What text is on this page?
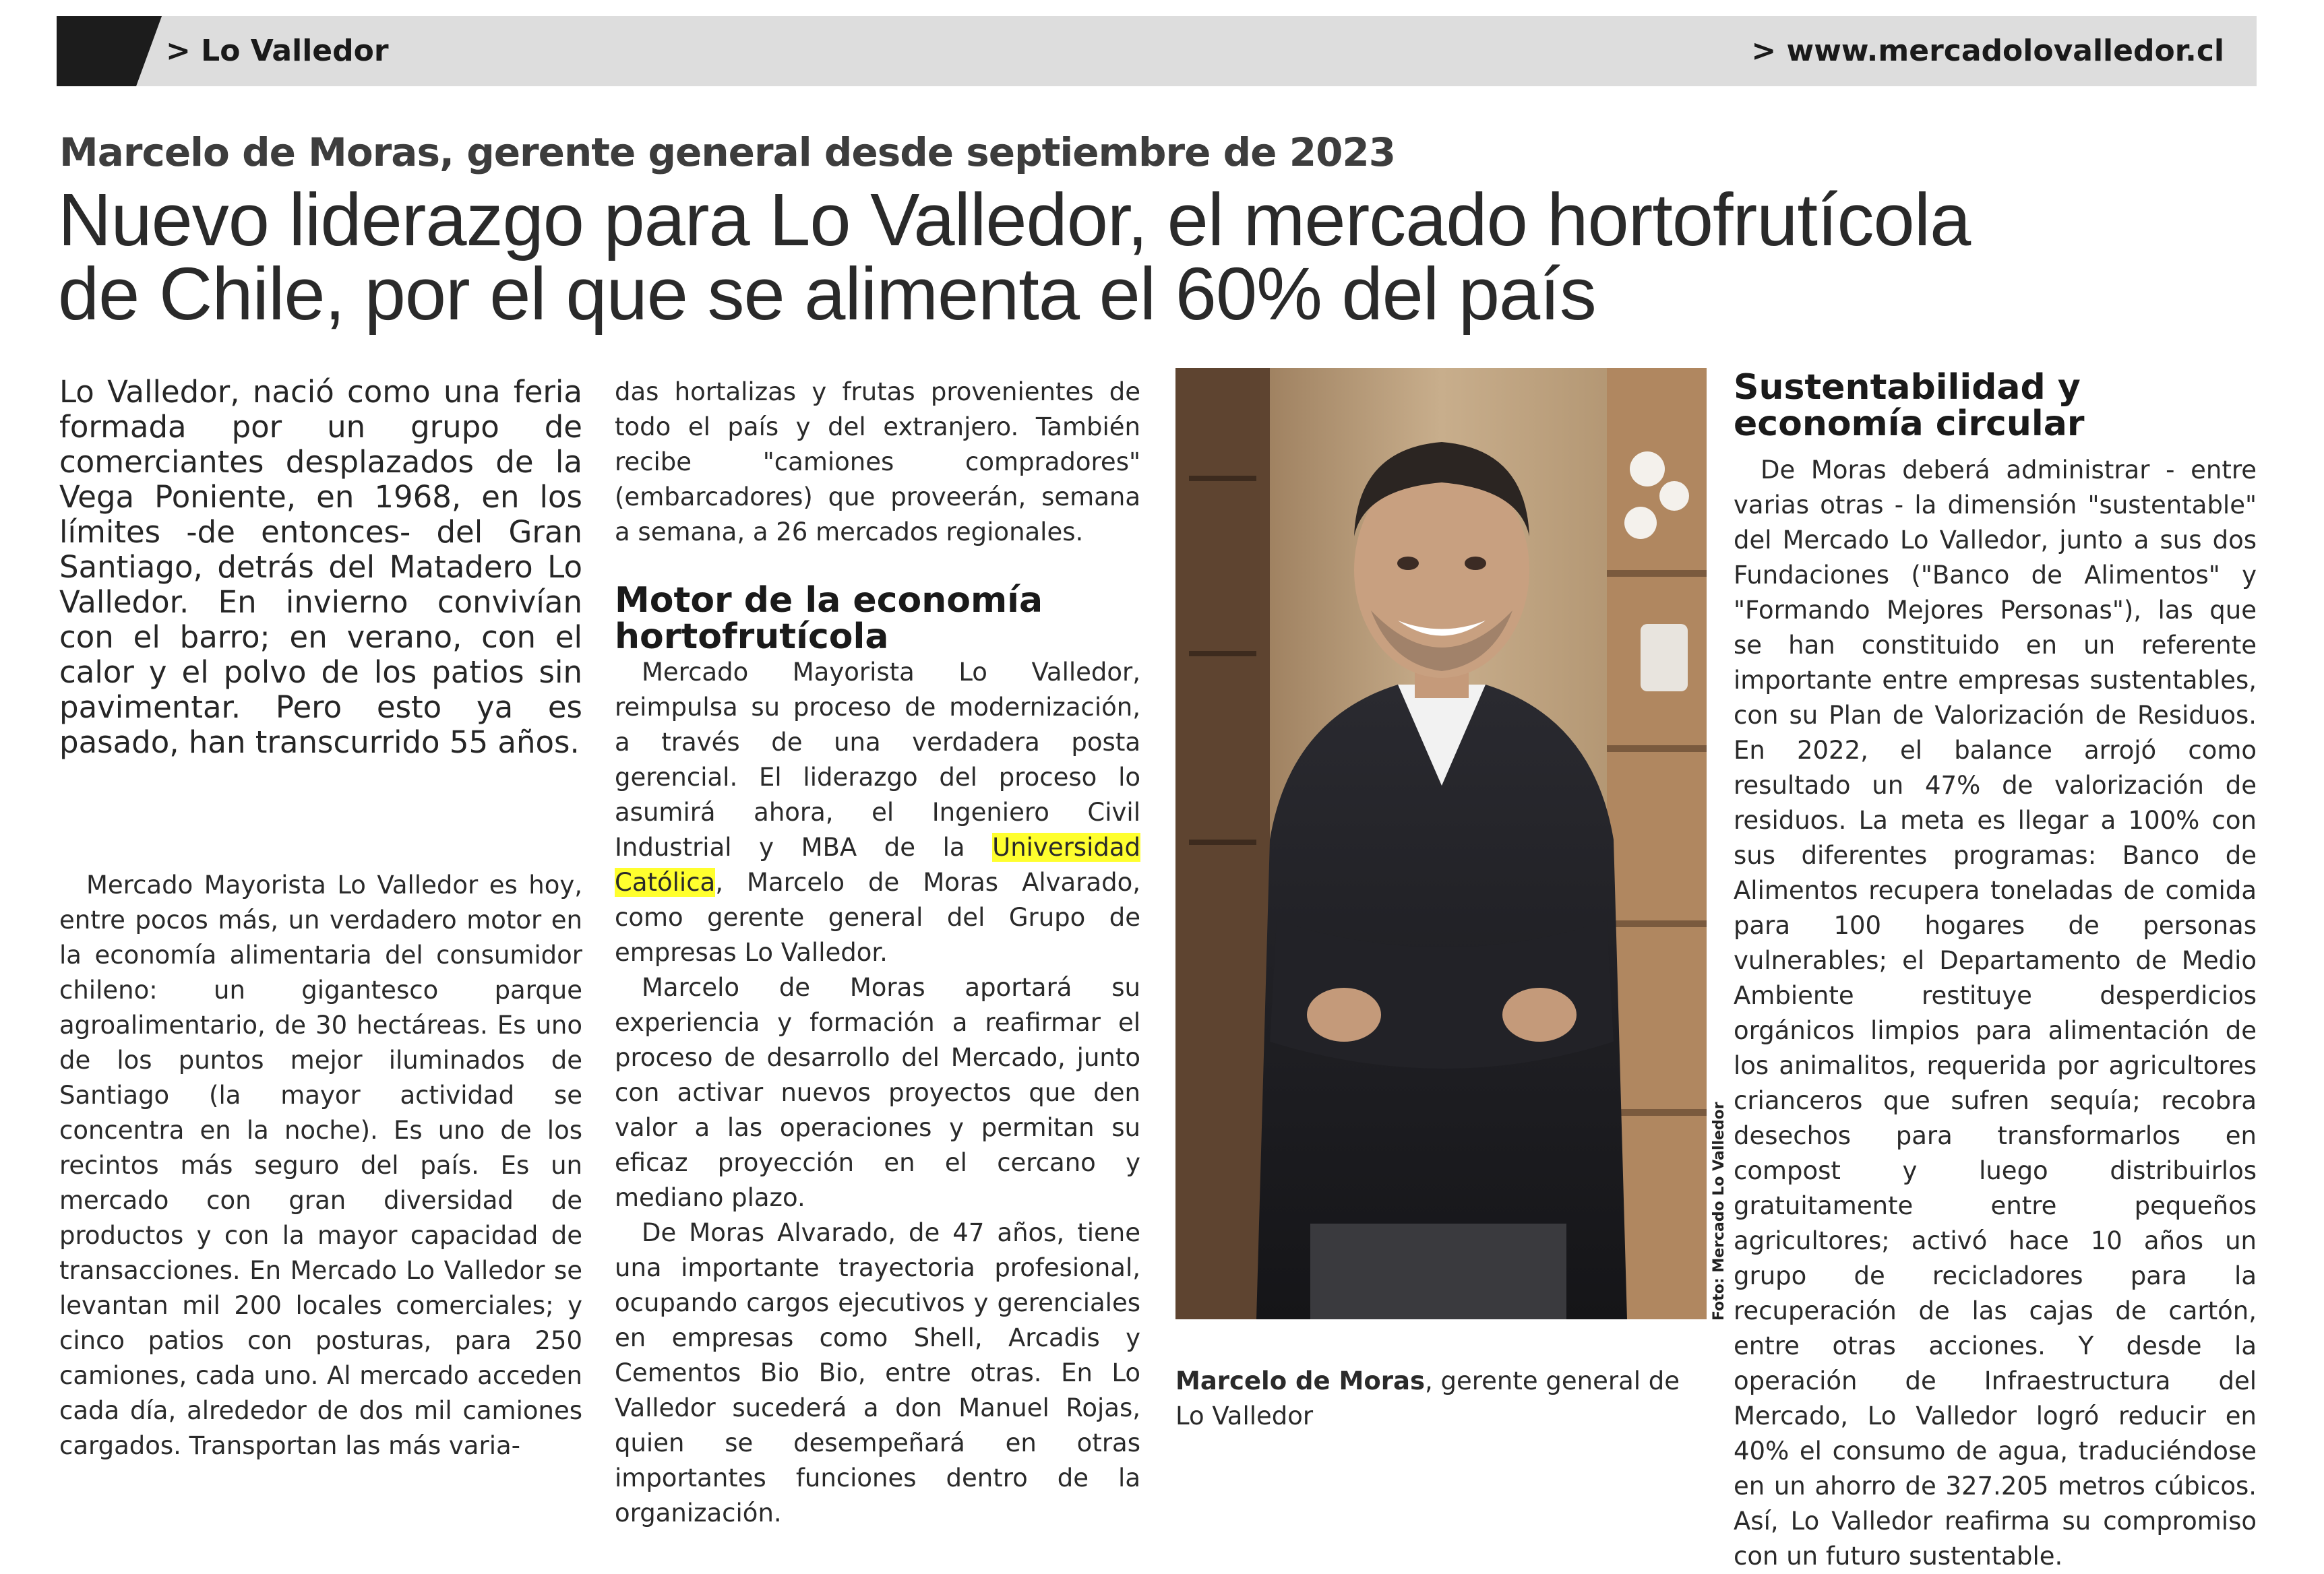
> Lo Valledor	> www.mercadolovalledor.cl
Marcelo de Moras, gerente general desde septiembre de 2023
Nuevo liderazgo para Lo Valledor, el mercado hortofrutícola
de Chile, por el que se alimenta el 60% del país

Lo Valledor, nació como una feria formada por un grupo de comerciantes desplazados de la Vega Poniente, en 1968, en los límites -de entonces- del Gran Santiago, detrás del Matadero Lo Valledor. En invierno convivían con el barro; en verano, con el calor y el polvo de los patios sin pavimentar. Pero esto ya es pasado, han transcurrido 55 años.

Mercado Mayorista Lo Valledor es hoy, entre pocos más, un verdadero motor en la economía alimentaria del consumidor chileno: un gigantesco parque agroalimentario, de 30 hectáreas. Es uno de los puntos mejor iluminados de Santiago (la mayor actividad se concentra en la noche). Es uno de los recintos más seguro del país. Es un mercado con gran diversidad de productos y con la mayor capacidad de transacciones. En Mercado Lo Valledor se levantan mil 200 locales comerciales; y cinco patios con posturas, para 250 camiones, cada uno. Al mercado acceden cada día, alrededor de dos mil camiones cargados. Transportan las más varia-

das hortalizas y frutas provenientes de todo el país y del extranjero. También recibe "camiones compradores" (embarcadores) que proveerán, semana a semana, a 26 mercados regionales.

Motor de la economía hortofrutícola

Mercado Mayorista Lo Valledor, reimpulsa su proceso de modernización, a través de una verdadera posta gerencial. El liderazgo del proceso lo asumirá ahora, el Ingeniero Civil Industrial y MBA de la Universidad Católica, Marcelo de Moras Alvarado, como gerente general del Grupo de empresas Lo Valledor.

Marcelo de Moras aportará su experiencia y formación a reafirmar el proceso de desarrollo del Mercado, junto con activar nuevos proyectos que den valor a las operaciones y permitan su eficaz proyección en el cercano y mediano plazo.

De Moras Alvarado, de 47 años, tiene una importante trayectoria profesional, ocupando cargos ejecutivos y gerenciales en empresas como Shell, Arcadis y Cementos Bio Bio, entre otras. En Lo Valledor sucederá a don Manuel Rojas, quien se desempeñará en otras importantes funciones dentro de la organización.

Foto: Mercado Lo Valledor

Marcelo de Moras, gerente general de Lo Valledor

Sustentabilidad y economía circular

De Moras deberá administrar - entre varias otras - la dimensión "sustentable" del Mercado Lo Valledor, junto a sus dos Fundaciones ("Banco de Alimentos" y "Formando Mejores Personas"), las que se han constituido en un referente importante entre empresas sustentables, con su Plan de Valorización de Residuos. En 2022, el balance arrojó como resultado un 47% de valorización de residuos. La meta es llegar a 100% con sus diferentes programas: Banco de Alimentos recupera toneladas de comida para 100 hogares de personas vulnerables; el Departamento de Medio Ambiente restituye desperdicios orgánicos limpios para alimentación de los animalitos, requerida por agricultores crianceros que sufren sequía; recobra desechos para transformarlos en compost y luego distribuirlos gratuitamente entre pequeños agricultores; activó hace 10 años un grupo de recicladores para la recuperación de las cajas de cartón, entre otras acciones. Y desde la operación de Infraestructura del Mercado, Lo Valledor logró reducir en 40% el consumo de agua, traduciéndose en un ahorro de 327.205 metros cúbicos. Así, Lo Valledor reafirma su compromiso con un futuro sustentable.
